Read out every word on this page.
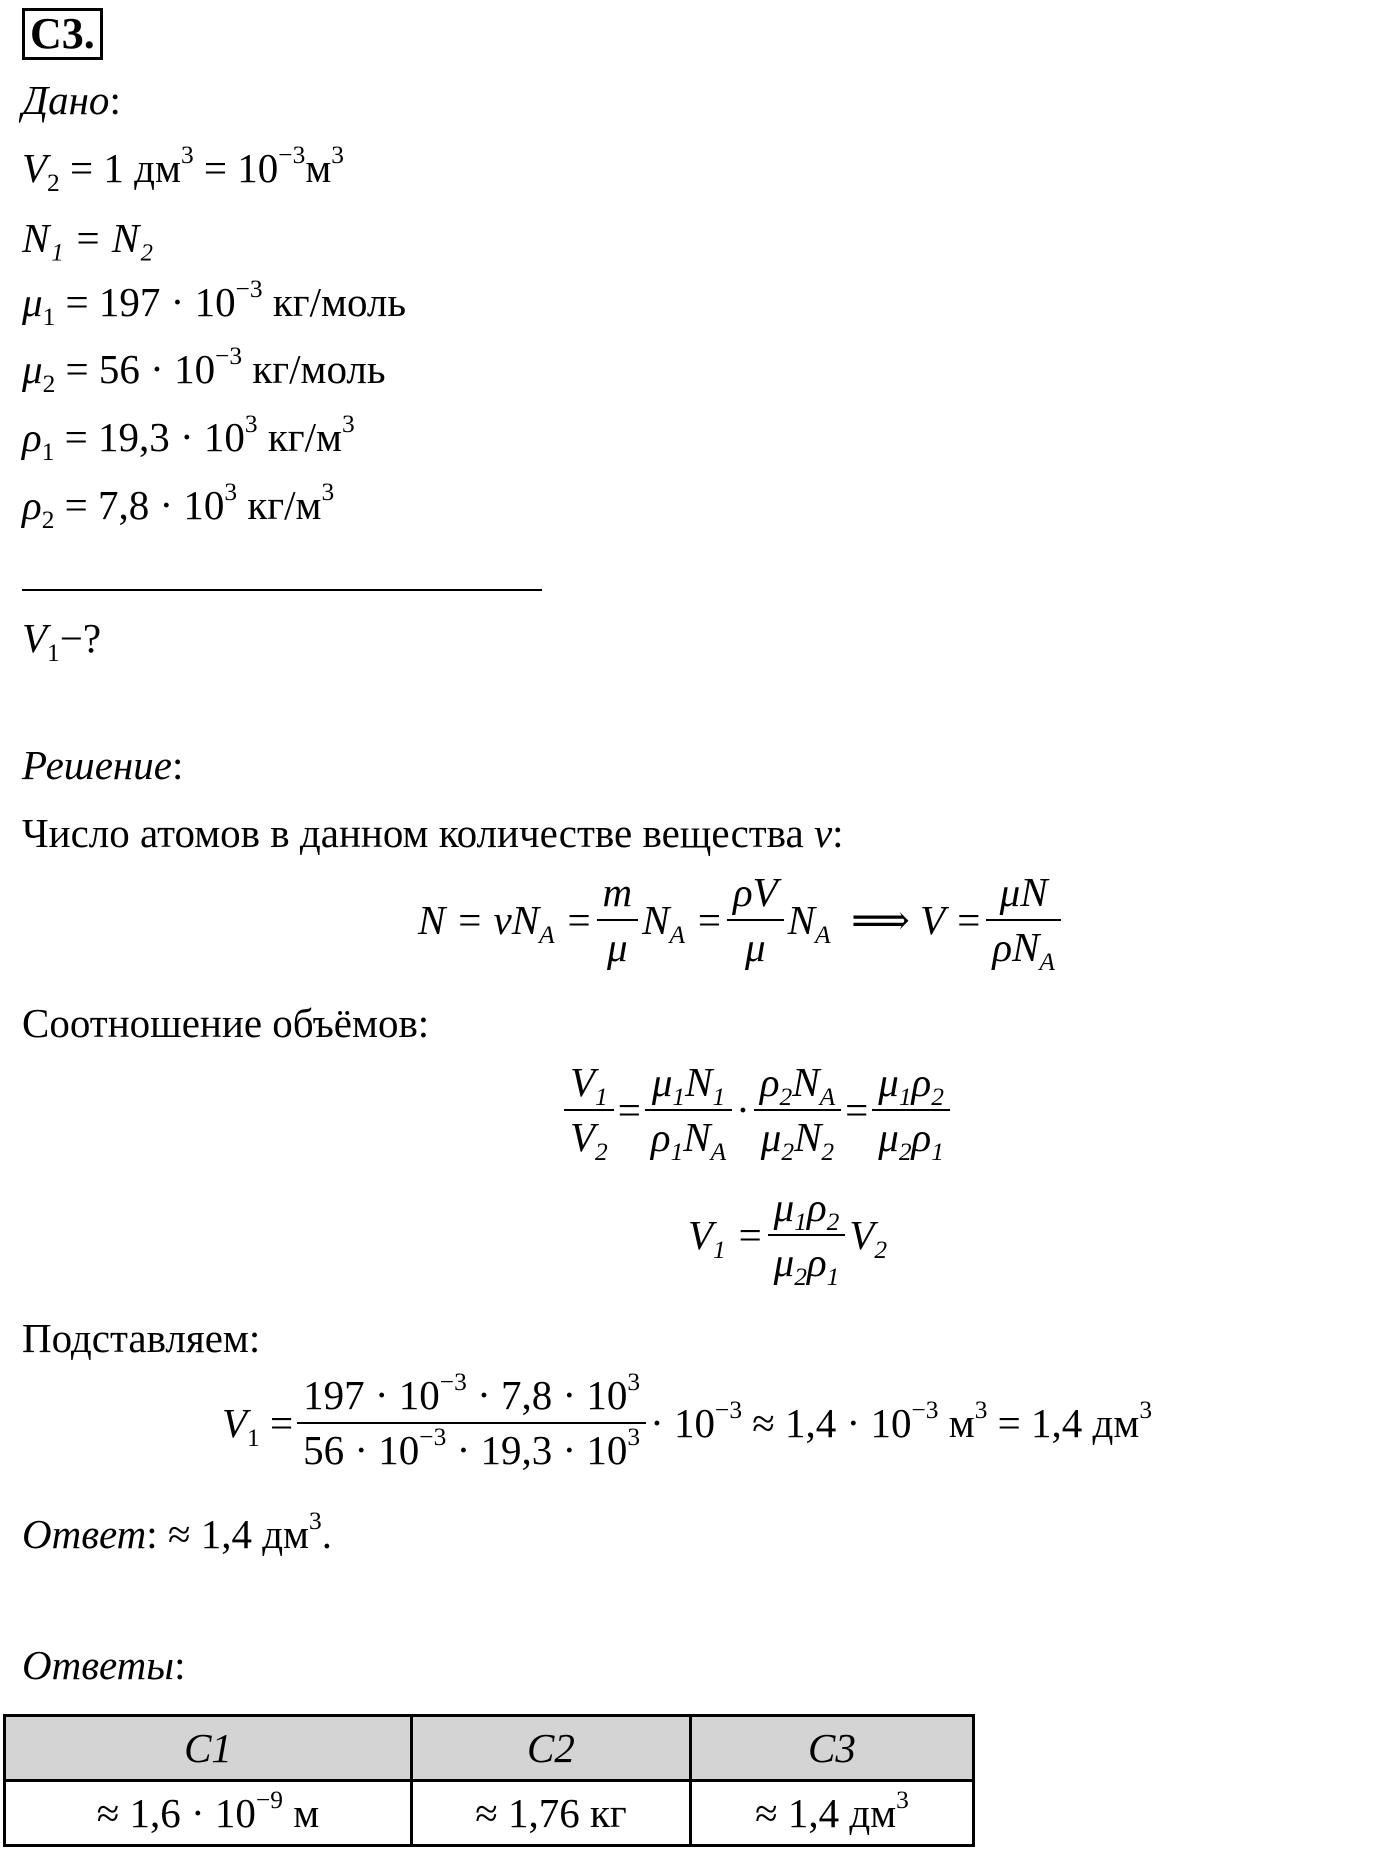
С3.
Дано:
$V_2 = 1$ $дм^3 = 10^{-3}м^3$
N₁ = N₂
$\mu_1 = 197 \cdot 10^{-3}$ кг/моль
$\mu_2 = 56 \cdot 10^{-3}$ кг/моль
$\rho_1 = 19,3 \cdot 10^3$ $кг/м^3$
$\rho_2 = 7,8 \cdot 10^3$ $кг/м^3$
$V_1-$?
Решение:
Число атомов в данном количестве вещества ν:
$N = \nu N_A = \frac{m}{\mu} N_A = \frac{\rho V}{\mu} N_A$  ⟹ $V = \frac{\mu N}{\rho N_A}$
Соотношение объёмов:
$\frac{V_1}{V_2} = \frac{\mu_1N_1}{\rho_1N_A} \cdot \frac{\rho_2N_A}{\mu_2N_2} = \frac{\mu_1\rho_2}{\mu_2\rho_1}$
$V_1 = \frac{\mu_1\rho_2}{\mu_2\rho_1} V_2$
Подставляем:
$V_1 = \frac{197 \cdot 10^{-3} \cdot 7,8 \cdot 10^3}{56 \cdot 10^{-3} \cdot 19,3 \cdot 10^3} \cdot 10^{-3} \approx 1,4 \cdot 10^{-3}$ $м^3 = 1,4$ $дм^3$
Ответ: ≈ 1,4 $дм^3$.
Ответы:
C1	C2	C3
≈ $1,6 \cdot 10^{-9}$ м	≈ 1,76 кг	≈ 1,4 $дм^3$
